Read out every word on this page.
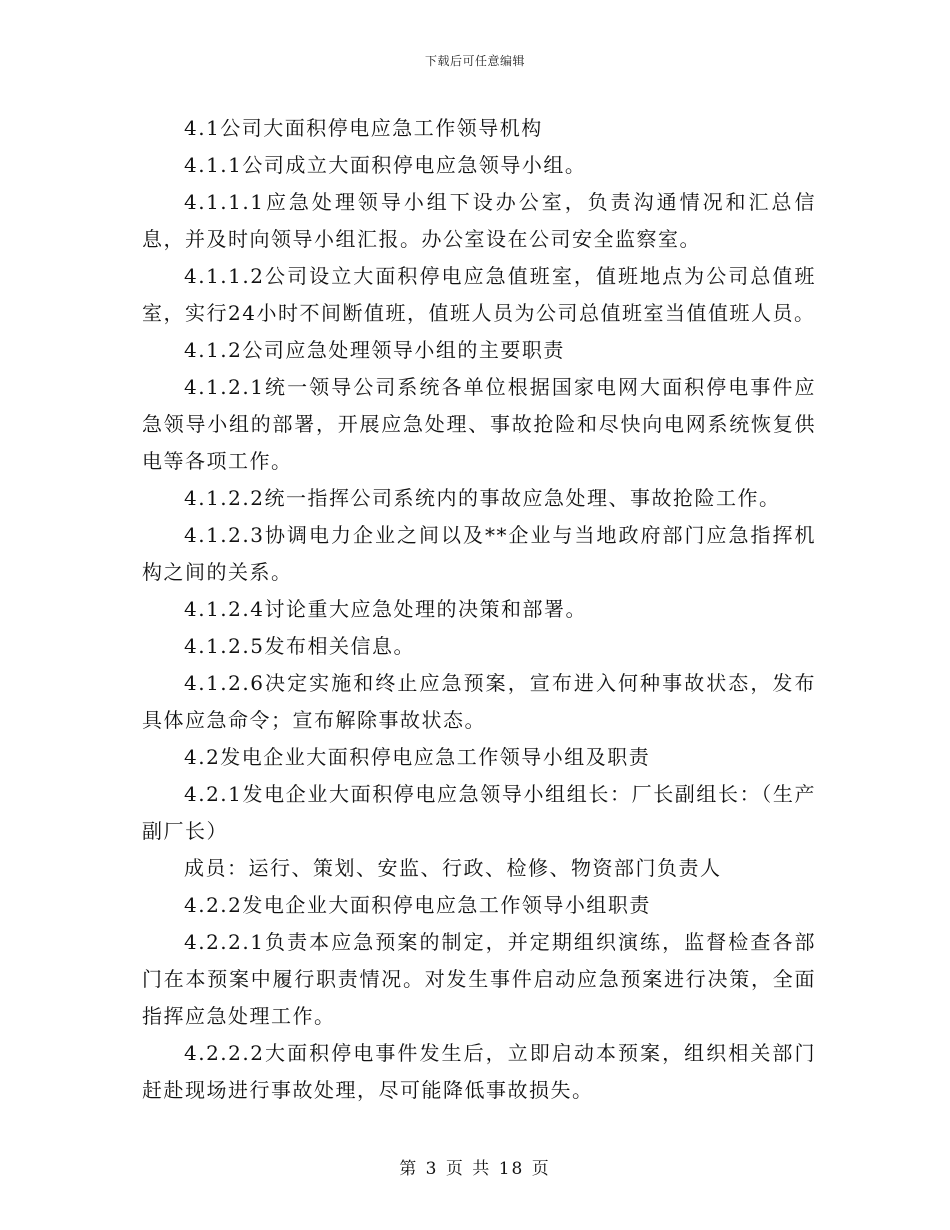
下载后可任意编辑

4.1公司大面积停电应急工作领导机构

4.1.1公司成立大面积停电应急领导小组。

4.1.1.1应急处理领导小组下设办公室，负责沟通情况和汇总信息，并及时向领导小组汇报。办公室设在公司安全监察室。

4.1.1.2公司设立大面积停电应急值班室，值班地点为公司总值班室，实行24小时不间断值班，值班人员为公司总值班室当值值班人员。

4.1.2公司应急处理领导小组的主要职责

4.1.2.1统一领导公司系统各单位根据国家电网大面积停电事件应急领导小组的部署，开展应急处理、事故抢险和尽快向电网系统恢复供电等各项工作。

4.1.2.2统一指挥公司系统内的事故应急处理、事故抢险工作。

4.1.2.3协调电力企业之间以及**企业与当地政府部门应急指挥机构之间的关系。

4.1.2.4讨论重大应急处理的决策和部署。

4.1.2.5发布相关信息。

4.1.2.6决定实施和终止应急预案，宣布进入何种事故状态，发布具体应急命令；宣布解除事故状态。

4.2发电企业大面积停电应急工作领导小组及职责

4.2.1发电企业大面积停电应急领导小组组长：厂长副组长：（生产副厂长）

成员：运行、策划、安监、行政、检修、物资部门负责人

4.2.2发电企业大面积停电应急工作领导小组职责

4.2.2.1负责本应急预案的制定，并定期组织演练，监督检查各部门在本预案中履行职责情况。对发生事件启动应急预案进行决策，全面指挥应急处理工作。

4.2.2.2大面积停电事件发生后，立即启动本预案，组织相关部门赶赴现场进行事故处理，尽可能降低事故损失。

第 3 页 共 18 页
